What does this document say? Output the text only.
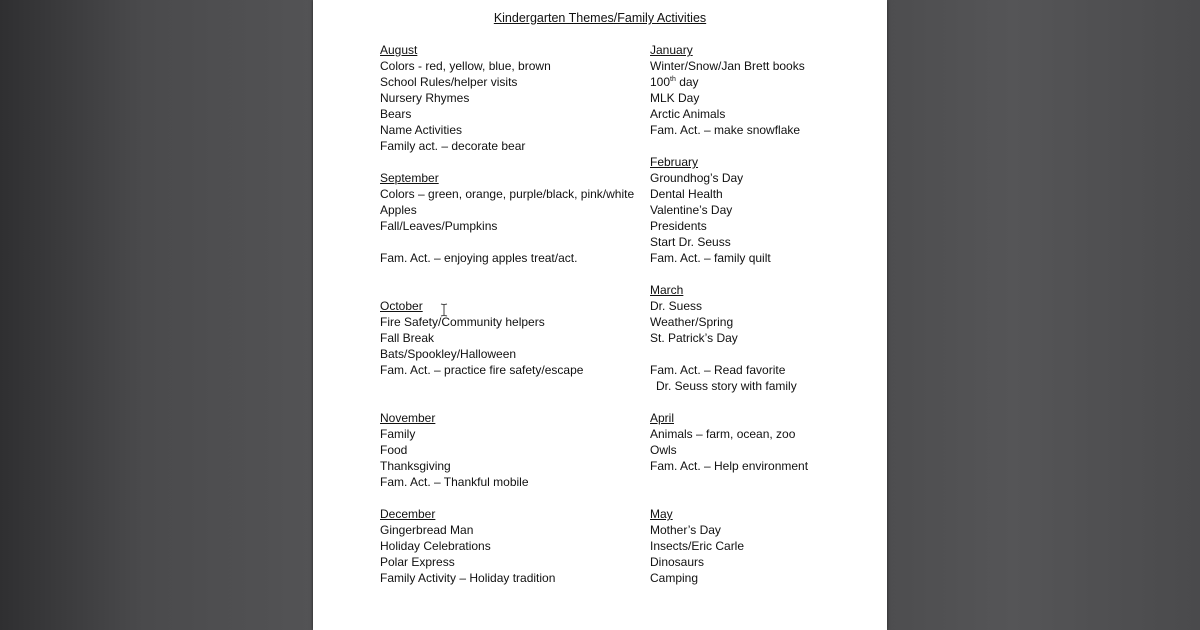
Kindergarten Themes/Family Activities
August
Colors - red, yellow, blue, brown
School Rules/helper visits
Nursery Rhymes
Bears
Name Activities
Family act. – decorate bear
September
Colors – green, orange, purple/black, pink/white
Apples
Fall/Leaves/Pumpkins
Fam. Act. – enjoying apples treat/act.
October
Fire Safety/Community helpers
Fall Break
Bats/Spookley/Halloween
Fam. Act. – practice fire safety/escape
November
Family
Food
Thanksgiving
Fam. Act. – Thankful mobile
December
Gingerbread Man
Holiday Celebrations
Polar Express
Family Activity – Holiday tradition
January
Winter/Snow/Jan Brett books
100th day
MLK Day
Arctic Animals
Fam. Act. – make snowflake
February
Groundhog’s Day
Dental Health
Valentine’s Day
Presidents
Start Dr. Seuss
Fam. Act. – family quilt
March
Dr. Suess
Weather/Spring
St. Patrick’s Day
Fam. Act. – Read favorite
Dr. Seuss story with family
April
Animals – farm, ocean, zoo
Owls
Fam. Act. – Help environment
May
Mother’s Day
Insects/Eric Carle
Dinosaurs
Camping
